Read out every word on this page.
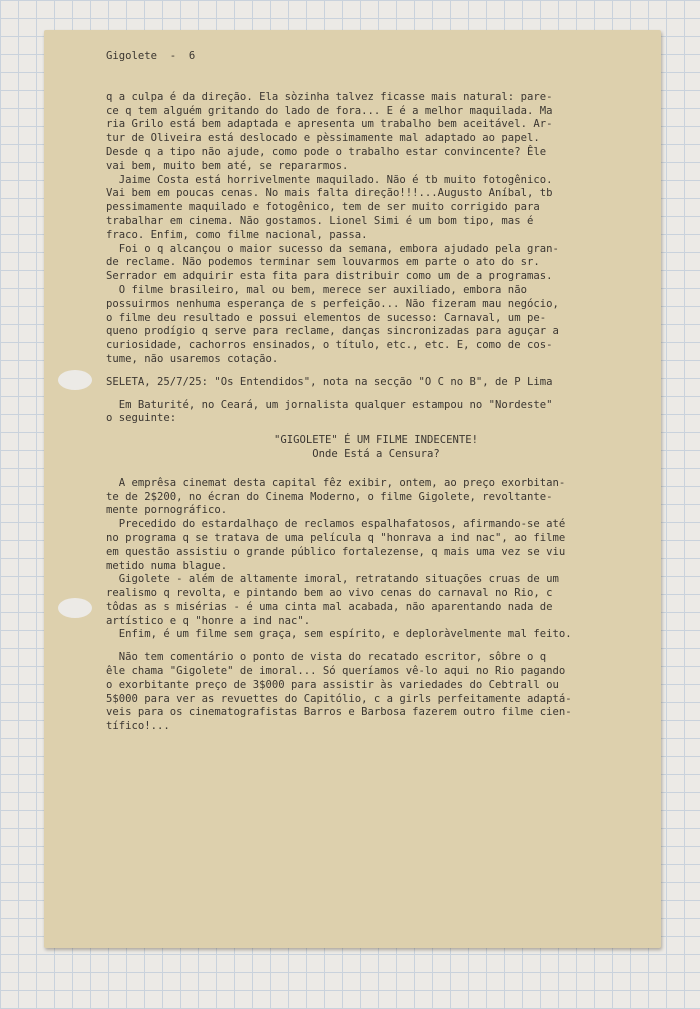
Gigolete  -  6
q a culpa é da direção. Ela sòzinha talvez ficasse mais natural: pare-
ce q tem alguém gritando do lado de fora... E é a melhor maquilada. Ma
ria Grilo está bem adaptada e apresenta um trabalho bem aceitável. Ar-
tur de Oliveira está deslocado e pèssimamente mal adaptado ao papel.
Desde q a tipo não ajude, como pode o trabalho estar convincente? Êle
vai bem, muito bem até, se repararmos.
Jaime Costa está horrivelmente maquilado. Não é tb muito fotogênico.
Vai bem em poucas cenas. No mais falta direção!!!...Augusto Aníbal, tb
pessimamente maquilado e fotogênico, tem de ser muito corrigido para
trabalhar em cinema. Não gostamos. Lionel Simi é um bom tipo, mas é
fraco. Enfim, como filme nacional, passa.
Foi o q alcançou o maior sucesso da semana, embora ajudado pela gran-
de reclame. Não podemos terminar sem louvarmos em parte o ato do sr.
Serrador em adquirir esta fita para distribuir como um de a programas.
O filme brasileiro, mal ou bem, merece ser auxiliado, embora não
possuirmos nenhuma esperança de s perfeição... Não fizeram mau negócio,
o filme deu resultado e possui elementos de sucesso: Carnaval, um pe-
queno prodígio q serve para reclame, danças sincronizadas para aguçar a
curiosidade, cachorros ensinados, o título, etc., etc. E, como de cos-
tume, não usaremos cotação.
SELETA, 25/7/25: "Os Entendidos", nota na secção "O C no B", de P Lima
Em Baturité, no Ceará, um jornalista qualquer estampou no "Nordeste"
o seguinte:
"GIGOLETE" É UM FILME INDECENTE!
Onde Está a Censura?
A emprêsa cinemat desta capital fêz exibir, ontem, ao preço exorbitan-
te de 2$200, no écran do Cinema Moderno, o filme Gigolete, revoltante-
mente pornográfico.
Precedido do estardalhaço de reclamos espalhafatosos, afirmando-se até
no programa q se tratava de uma película q "honrava a ind nac", ao filme
em questão assistiu o grande público fortalezense, q mais uma vez se viu
metido numa blague.
Gigolete - além de altamente imoral, retratando situações cruas de um
realismo q revolta, e pintando bem ao vivo cenas do carnaval no Rio, c
tôdas as s misérias - é uma cinta mal acabada, não aparentando nada de
artístico e q "honre a ind nac".
Enfim, é um filme sem graça, sem espírito, e deploràvelmente mal feito.
Não tem comentário o ponto de vista do recatado escritor, sôbre o q
êle chama "Gigolete" de imoral... Só queríamos vê-lo aqui no Rio pagando
o exorbitante preço de 3$000 para assistir às variedades do Cebtrall ou
5$000 para ver as revuettes do Capitólio, c a girls perfeitamente adaptá-
veis para os cinematografistas Barros e Barbosa fazerem outro filme cien-
tífico!...
